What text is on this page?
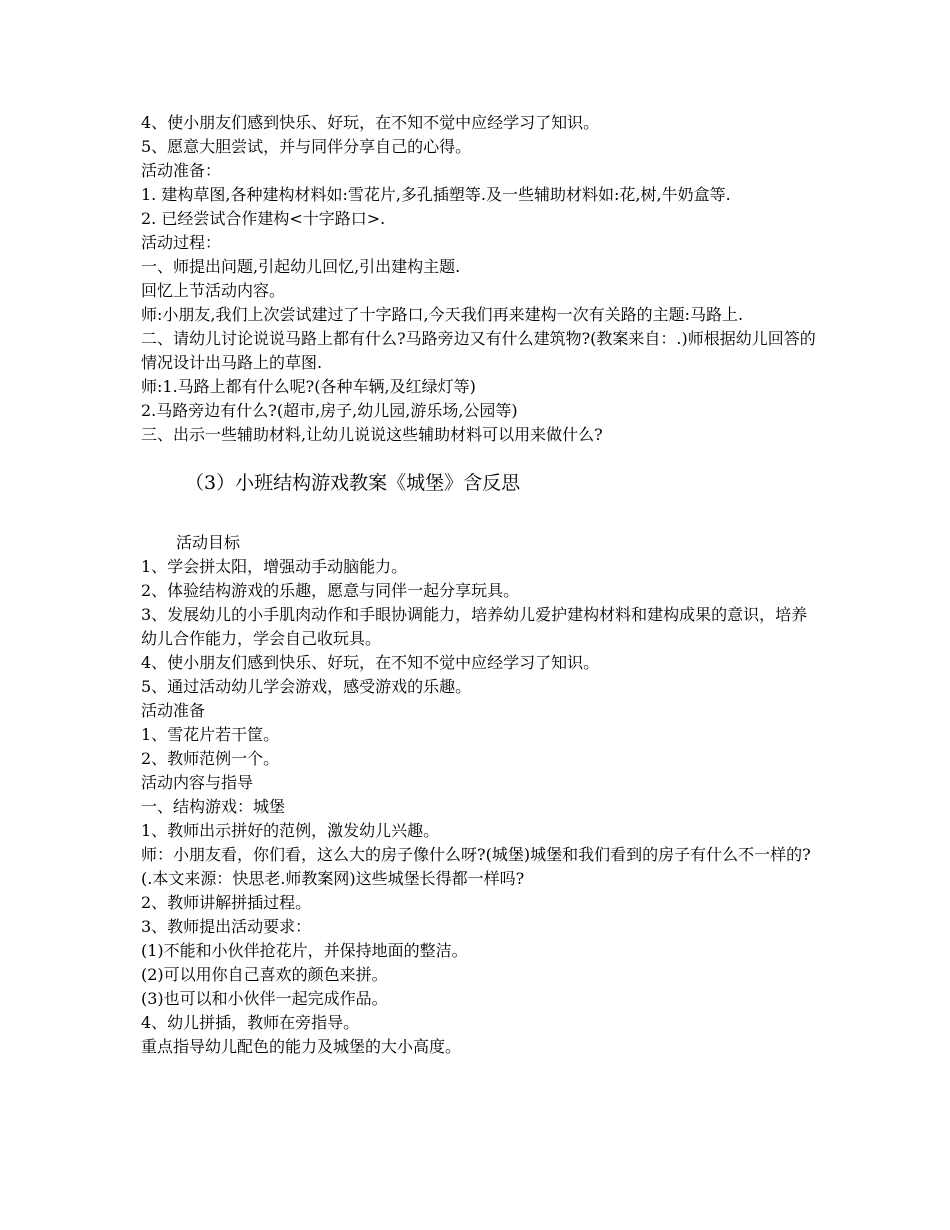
4、使小朋友们感到快乐、好玩，在不知不觉中应经学习了知识。

5、愿意大胆尝试，并与同伴分享自己的心得。

活动准备：

1. 建构草图,各种建构材料如:雪花片,多孔插塑等.及一些辅助材料如:花,树,牛奶盒等.

2. 已经尝试合作建构<十字路口>.

活动过程：

一、师提出问题,引起幼儿回忆,引出建构主题.

回忆上节活动内容。

师:小朋友,我们上次尝试建过了十字路口,今天我们再来建构一次有关路的主题:马路上.

二、请幼儿讨论说说马路上都有什么?马路旁边又有什么建筑物?(教案来自：.)师根据幼儿回答的情况设计出马路上的草图.

师:1.马路上都有什么呢?(各种车辆,及红绿灯等)

2.马路旁边有什么?(超市,房子,幼儿园,游乐场,公园等)

三、出示一些辅助材料,让幼儿说说这些辅助材料可以用来做什么?

（3）小班结构游戏教案《城堡》含反思

活动目标

1、学会拼太阳，增强动手动脑能力。

2、体验结构游戏的乐趣，愿意与同伴一起分享玩具。

3、发展幼儿的小手肌肉动作和手眼协调能力，培养幼儿爱护建构材料和建构成果的意识，培养幼儿合作能力，学会自己收玩具。

4、使小朋友们感到快乐、好玩，在不知不觉中应经学习了知识。

5、通过活动幼儿学会游戏，感受游戏的乐趣。

活动准备

1、雪花片若干筐。

2、教师范例一个。

活动内容与指导

一、结构游戏：城堡

1、教师出示拼好的范例，激发幼儿兴趣。

师：小朋友看，你们看，这么大的房子像什么呀?(城堡)城堡和我们看到的房子有什么不一样的?(.本文来源：快思老.师教案网)这些城堡长得都一样吗?

2、教师讲解拼插过程。

3、教师提出活动要求：

(1)不能和小伙伴抢花片，并保持地面的整洁。

(2)可以用你自己喜欢的颜色来拼。

(3)也可以和小伙伴一起完成作品。

4、幼儿拼插，教师在旁指导。

重点指导幼儿配色的能力及城堡的大小高度。
